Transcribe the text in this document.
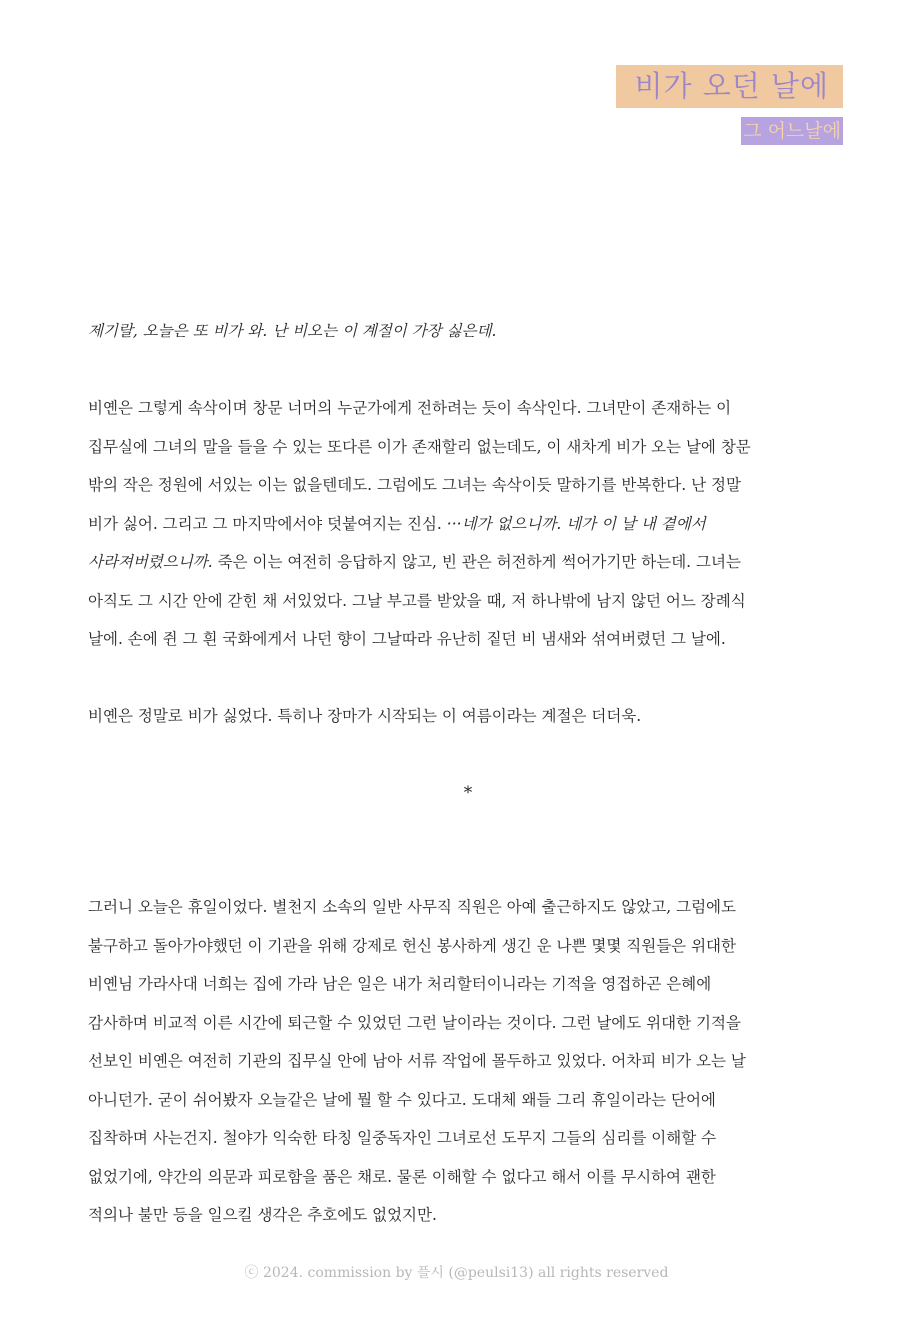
비가 오던 날에
그 어느날에

제기랄, 오늘은 또 비가 와. 난 비오는 이 계절이 가장 싫은데.

비옌은 그렇게 속삭이며 창문 너머의 누군가에게 전하려는 듯이 속삭인다. 그녀만이 존재하는 이
집무실에 그녀의 말을 들을 수 있는 또다른 이가 존재할리 없는데도, 이 새차게 비가 오는 날에 창문
밖의 작은 정원에 서있는 이는 없을텐데도. 그럼에도 그녀는 속삭이듯 말하기를 반복한다. 난 정말
비가 싫어. 그리고 그 마지막에서야 덧붙여지는 진심. ···네가 없으니까. 네가 이 날 내 곁에서
사라져버렸으니까. 죽은 이는 여전히 응답하지 않고, 빈 관은 허전하게 썩어가기만 하는데. 그녀는
아직도 그 시간 안에 갇힌 채 서있었다. 그날 부고를 받았을 때, 저 하나밖에 남지 않던 어느 장례식
날에. 손에 쥔 그 흰 국화에게서 나던 향이 그날따라 유난히 짙던 비 냄새와 섞여버렸던 그 날에.

비옌은 정말로 비가 싫었다. 특히나 장마가 시작되는 이 여름이라는 계절은 더더욱.

*

그러니 오늘은 휴일이었다. 별천지 소속의 일반 사무직 직원은 아예 출근하지도 않았고, 그럼에도
불구하고 돌아가야했던 이 기관을 위해 강제로 헌신 봉사하게 생긴 운 나쁜 몇몇 직원들은 위대한
비옌님 가라사대 너희는 집에 가라 남은 일은 내가 처리할터이니라는 기적을 영접하곤 은혜에
감사하며 비교적 이른 시간에 퇴근할 수 있었던 그런 날이라는 것이다. 그런 날에도 위대한 기적을
선보인 비옌은 여전히 기관의 집무실 안에 남아 서류 작업에 몰두하고 있었다. 어차피 비가 오는 날
아니던가. 굳이 쉬어봤자 오늘같은 날에 뭘 할 수 있다고. 도대체 왜들 그리 휴일이라는 단어에
집착하며 사는건지. 철야가 익숙한 타칭 일중독자인 그녀로선 도무지 그들의 심리를 이해할 수
없었기에, 약간의 의문과 피로함을 품은 채로. 물론 이해할 수 없다고 해서 이를 무시하여 괜한
적의나 불만 등을 일으킬 생각은 추호에도 없었지만.

ⓒ 2024. commission by 플시 (@peulsi13) all rights reserved
